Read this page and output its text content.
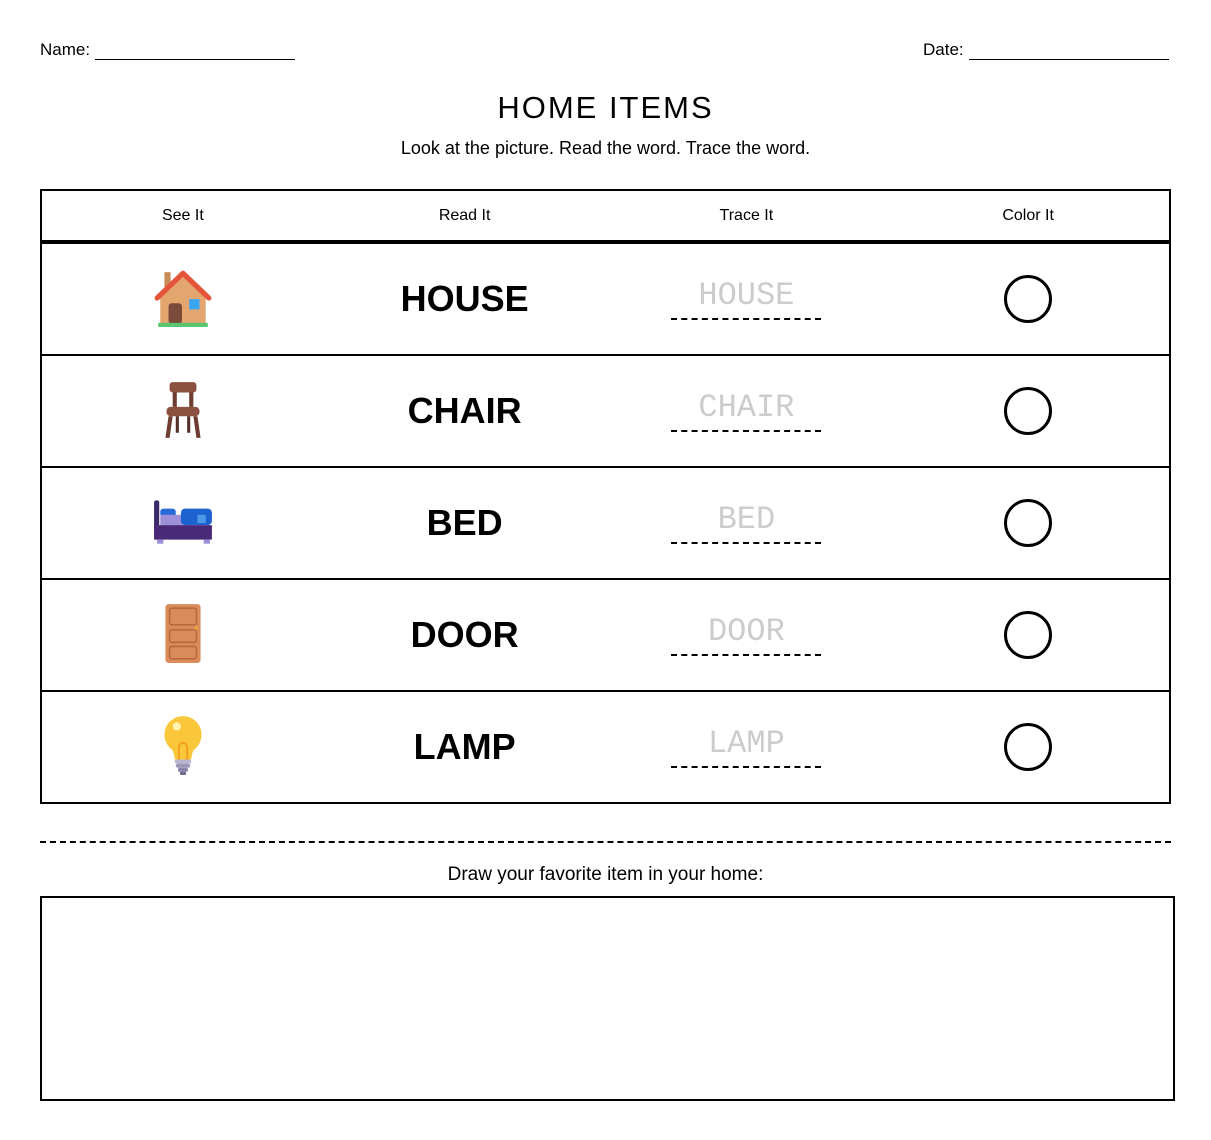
Name:	Date:
HOME ITEMS
Look at the picture. Read the word. Trace the word.
See It	Read It	Trace It	Color It
HOUSE	HOUSE
CHAIR	CHAIR
BED	BED
DOOR	DOOR
LAMP	LAMP
Draw your favorite item in your home:
